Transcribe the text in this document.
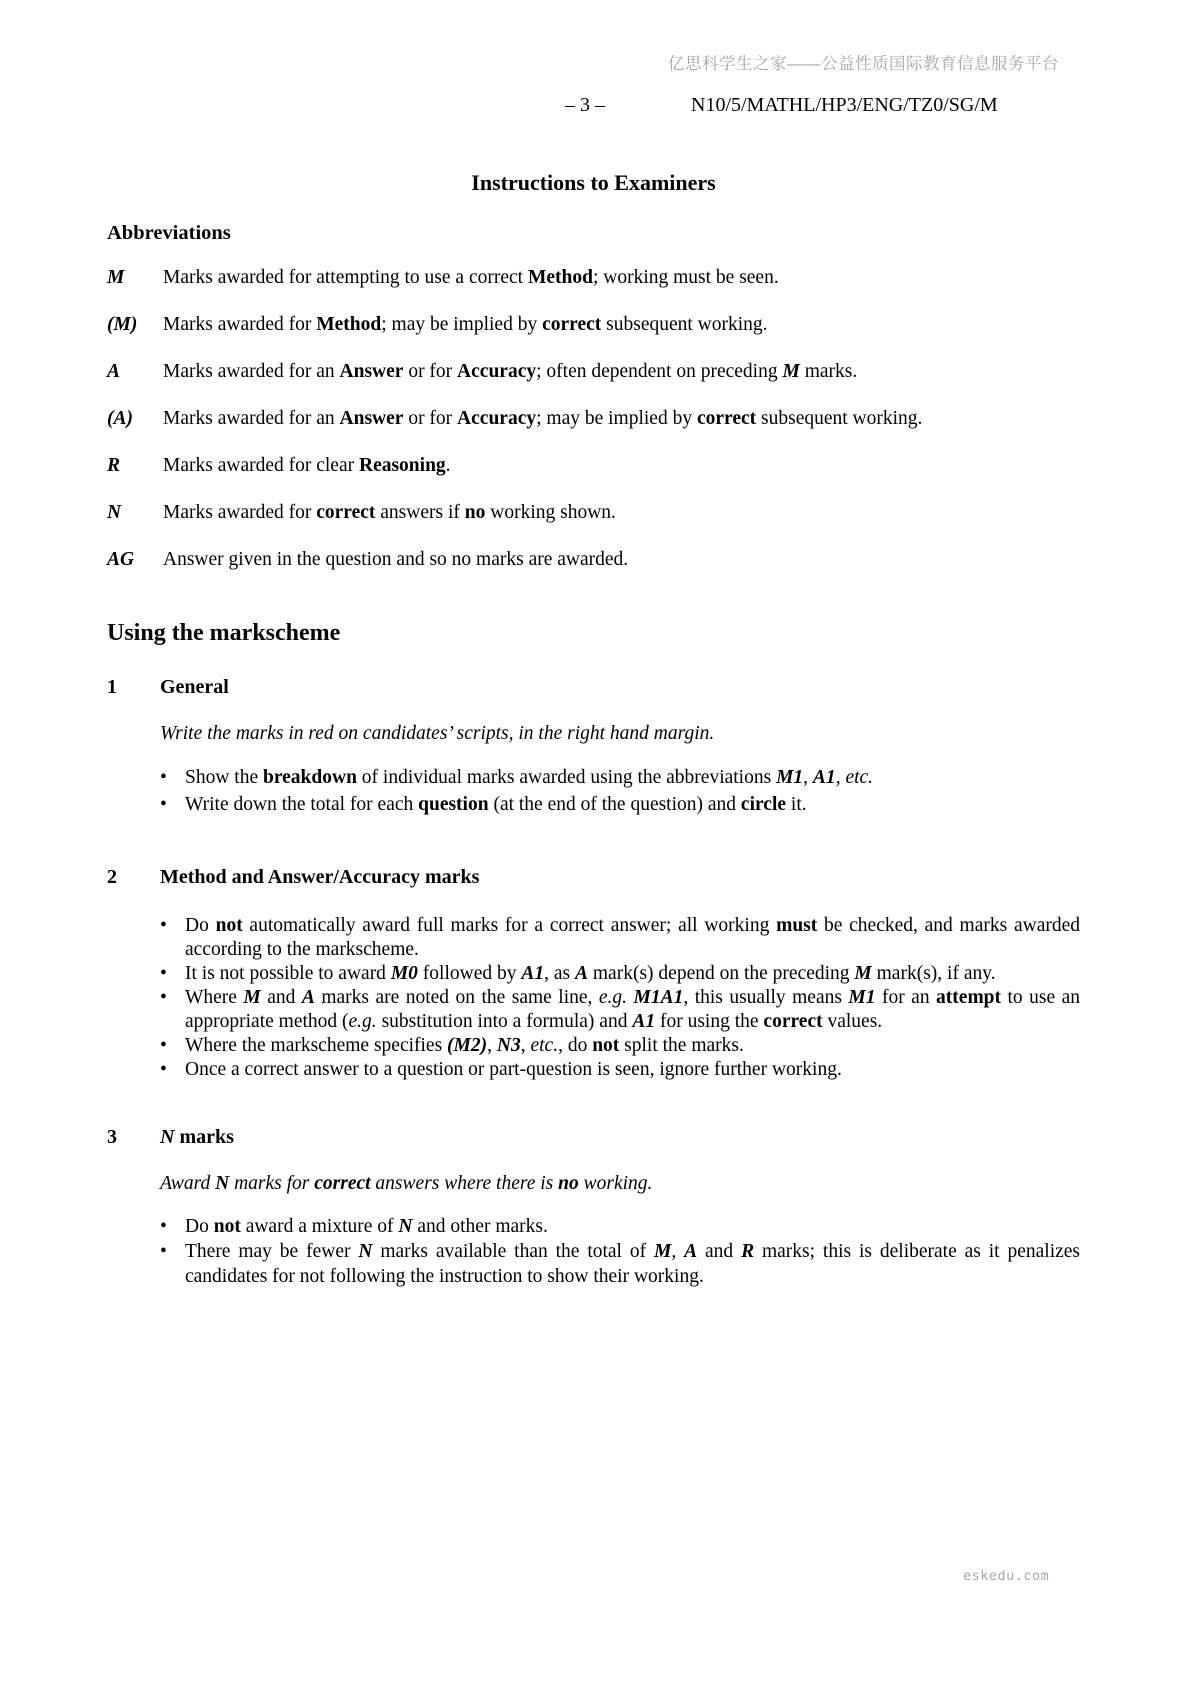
亿思科学生之家——公益性质国际教育信息服务平台
– 3 –	N10/5/MATHL/HP3/ENG/TZ0/SG/M
Instructions to Examiners
Abbreviations
M	Marks awarded for attempting to use a correct Method; working must be seen.
(M)	Marks awarded for Method; may be implied by correct subsequent working.
A	Marks awarded for an Answer or for Accuracy; often dependent on preceding M marks.
(A)	Marks awarded for an Answer or for Accuracy; may be implied by correct subsequent working.
R	Marks awarded for clear Reasoning.
N	Marks awarded for correct answers if no working shown.
AG	Answer given in the question and so no marks are awarded.
Using the markscheme
1	General
Write the marks in red on candidates’ scripts, in the right hand margin.
• Show the breakdown of individual marks awarded using the abbreviations M1, A1, etc.
• Write down the total for each question (at the end of the question) and circle it.
2	Method and Answer/Accuracy marks
• Do not automatically award full marks for a correct answer; all working must be checked, and marks awarded according to the markscheme.
• It is not possible to award M0 followed by A1, as A mark(s) depend on the preceding M mark(s), if any.
• Where M and A marks are noted on the same line, e.g. M1A1, this usually means M1 for an attempt to use an appropriate method (e.g. substitution into a formula) and A1 for using the correct values.
• Where the markscheme specifies (M2), N3, etc., do not split the marks.
• Once a correct answer to a question or part-question is seen, ignore further working.
3	N marks
Award N marks for correct answers where there is no working.
• Do not award a mixture of N and other marks.
• There may be fewer N marks available than the total of M, A and R marks; this is deliberate as it penalizes candidates for not following the instruction to show their working.
eskedu.com
